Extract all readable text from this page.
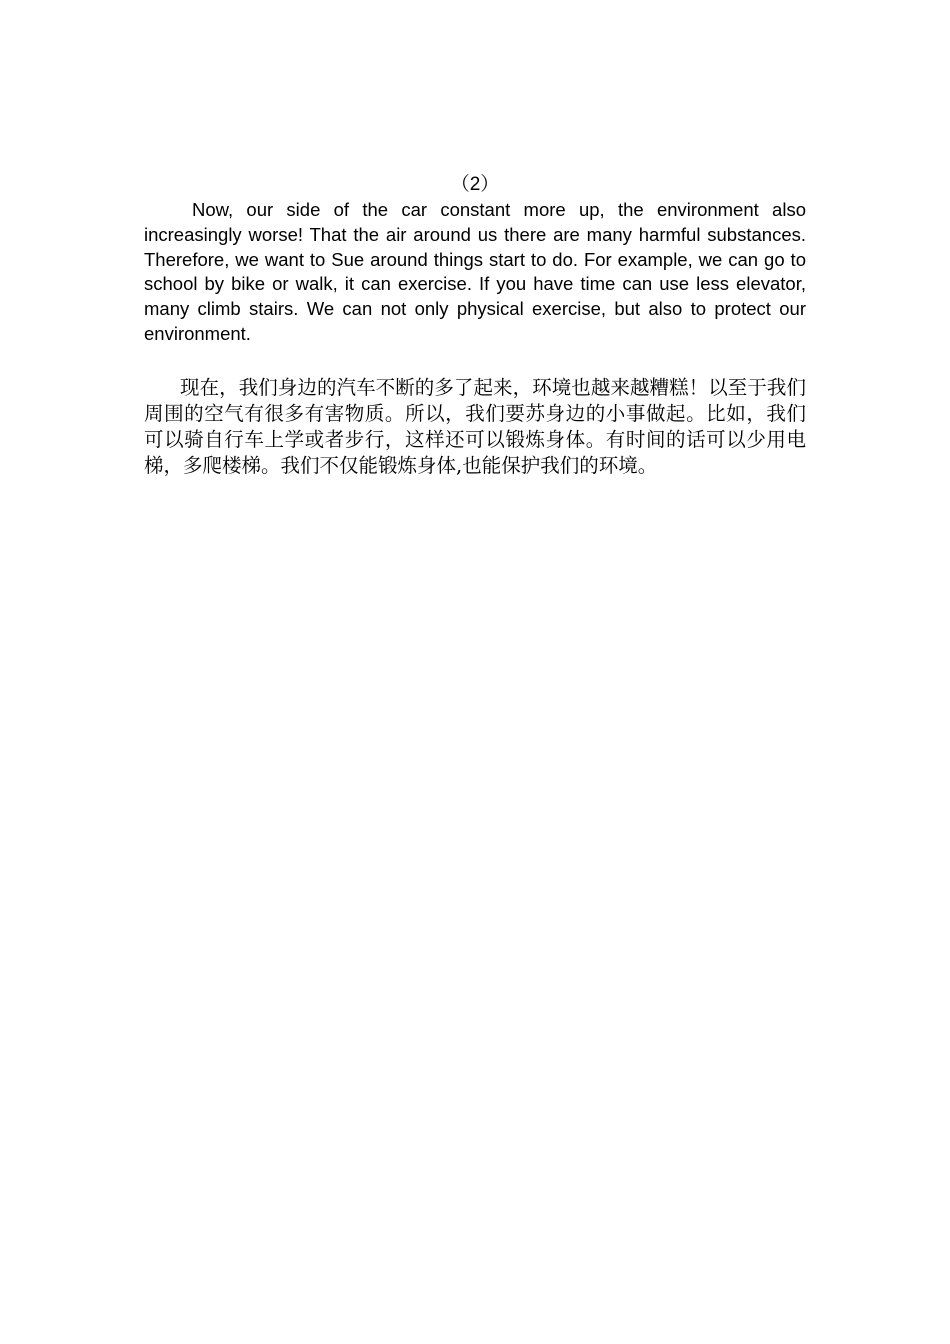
（2）

Now, our side of the car constant more up, the environment also increasingly worse! That the air around us there are many harmful substances. Therefore, we want to Sue around things start to do. For example, we can go to school by bike or walk, it can exercise. If you have time can use less elevator, many climb stairs. We can not only physical exercise, but also to protect our environment.

现在，我们身边的汽车不断的多了起来，环境也越来越糟糕！以至于我们周围的空气有很多有害物质。所以，我们要苏身边的小事做起。比如，我们可以骑自行车上学或者步行，这样还可以锻炼身体。有时间的话可以少用电梯，多爬楼梯。我们不仅能锻炼身体,也能保护我们的环境。
